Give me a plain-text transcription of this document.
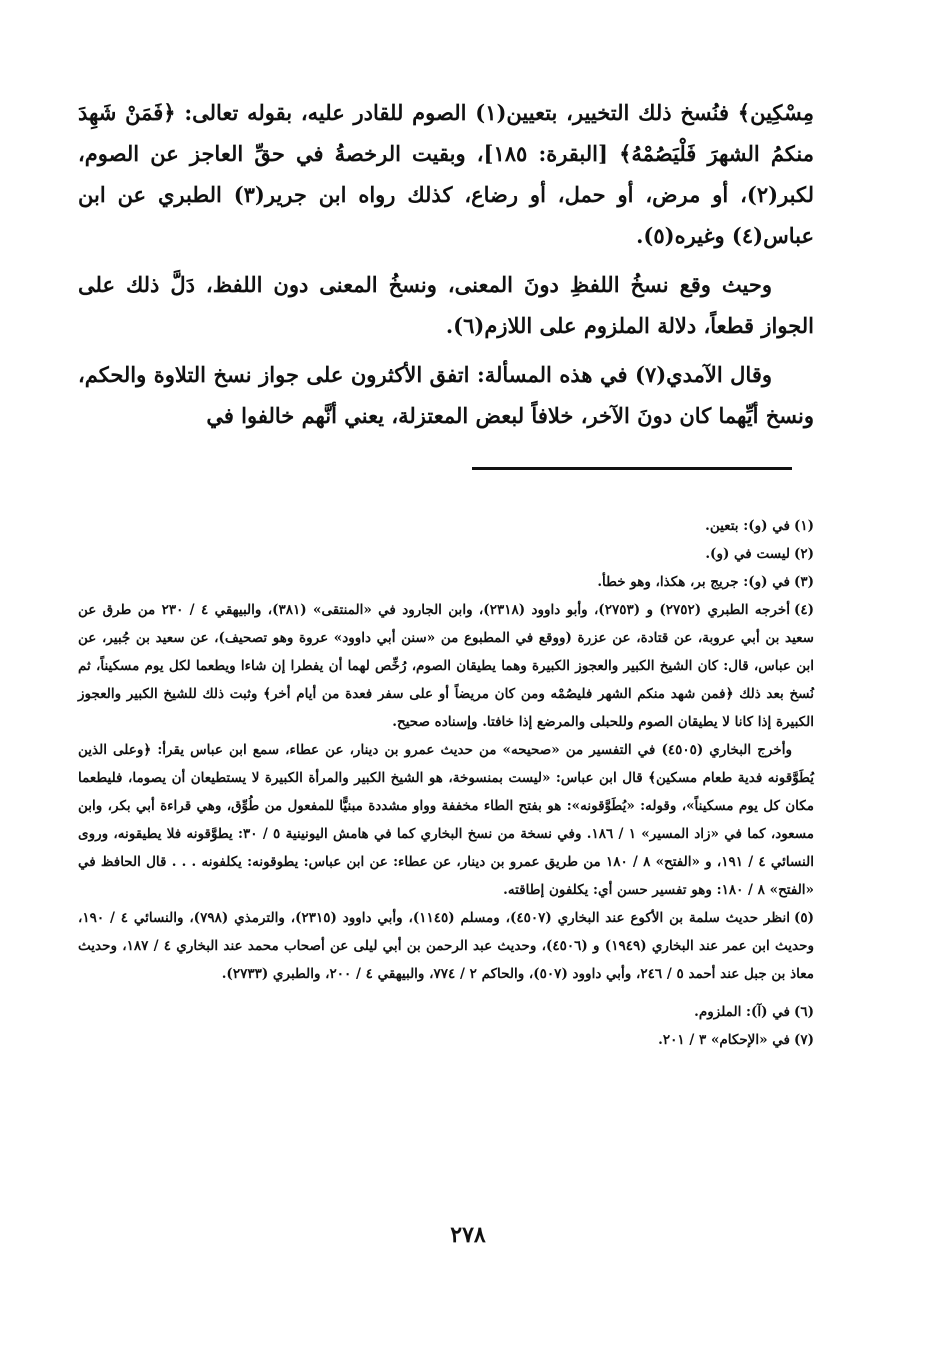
مِسْكِين﴾ فنُسخ ذلك التخيير، بتعيين(١) الصوم للقادر عليه، بقوله تعالى: ﴿فَمَنْ شَهِدَ منكمُ الشهرَ فَلْيَصُمْهُ﴾ [البقرة: ١٨٥]، وبقيت الرخصةُ في حقِّ العاجز عن الصوم، لكبر(٢)، أو مرض، أو حمل، أو رضاع، كذلك رواه ابن جرير(٣) الطبري عن ابن عباس(٤) وغيره(٥).

وحيث وقع نسخُ اللفظِ دونَ المعنى، ونسخُ المعنى دون اللفظ، دَلَّ ذلك على الجواز قطعاً، دلالة الملزوم على اللازم(٦).

وقال الآمدي(٧) في هذه المسألة: اتفق الأكثرون على جواز نسخ التلاوة والحكم، ونسخ أيِّهما كان دونَ الآخر، خلافاً لبعض المعتزلة، يعني أنَّهم خالفوا في

(١)في (و): بتعين.

(٢)ليست في (و).

(٣)في (و): جريج بر، هكذا، وهو خطأ.

(٤)أخرجه الطبري (٢٧٥٢) و (٢٧٥٣)، وأبو داوود (٢٣١٨)، وابن الجارود في «المنتقى» (٣٨١)، والبيهقي ٤ / ٢٣٠ من طرق عن سعيد بن أبي عروبة، عن قتادة، عن عزرة (ووقع في المطبوع من «سنن أبي داوود» عروة وهو تصحيف)، عن سعيد بن جُبير، عن ابن عباس، قال: كان الشيخ الكبير والعجوز الكبيرة وهما يطيقان الصوم، رُخِّص لهما أن يفطرا إن شاءا ويطعما لكل يوم مسكيناً، ثم نُسخ بعد ذلك ﴿فمن شهد منكم الشهر فليصُمْه ومن كان مريضاً أو على سفر فعدة من أيام أخر﴾ وثبت ذلك للشيخ الكبير والعجوز الكبيرة إذا كانا لا يطيقان الصوم وللحبلى والمرضع إذا خافتا. وإسناده صحيح.

وأخرج البخاري (٤٥٠٥) في التفسير من «صحيحه» من حديث عمرو بن دينار، عن عطاء، سمع ابن عباس يقرأ: ﴿وعلى الذين يُطَوَّقونه فدية طعام مسكين﴾ قال ابن عباس: «ليست بمنسوخة، هو الشيخ الكبير والمرأة الكبيرة لا يستطيعان أن يصوما، فليطعما مكان كل يوم مسكيناً»، وقوله: «يُطَوَّقونه»: هو بفتح الطاء مخففة وواو مشددة مبنيًّا للمفعول من طُوِّق، وهي قراءة أبي بكر، وابن مسعود، كما في «زاد المسير» ١ / ١٨٦. وفي نسخة من نسخ البخاري كما في هامش اليونينية ٥ / ٣٠: يطوَّقونه فلا يطيقونه، وروى النسائي ٤ / ١٩١، و «الفتح» ٨ / ١٨٠ من طريق عمرو بن دينار، عن عطاء: عن ابن عباس: يطوقونه: يكلفونه . . . قال الحافظ في «الفتح» ٨ / ١٨٠: وهو تفسير حسن أي: يكلفون إطاقته.

(٥)انظر حديث سلمة بن الأكوع عند البخاري (٤٥٠٧)، ومسلم (١١٤٥)، وأبي داوود (٢٣١٥)، والترمذي (٧٩٨)، والنسائي ٤ / ١٩٠، وحديث ابن عمر عند البخاري (١٩٤٩) و (٤٥٠٦)، وحديث عبد الرحمن بن أبي ليلى عن أصحاب محمد عند البخاري ٤ / ١٨٧، وحديث معاذ بن جبل عند أحمد ٥ / ٢٤٦، وأبي داوود (٥٠٧)، والحاكم ٢ / ٧٧٤، والبيهقي ٤ / ٢٠٠، والطبري (٢٧٣٣).

(٦)في (آ): الملزوم.

(٧)في «الإحكام» ٣ / ٢٠١.

٢٧٨
